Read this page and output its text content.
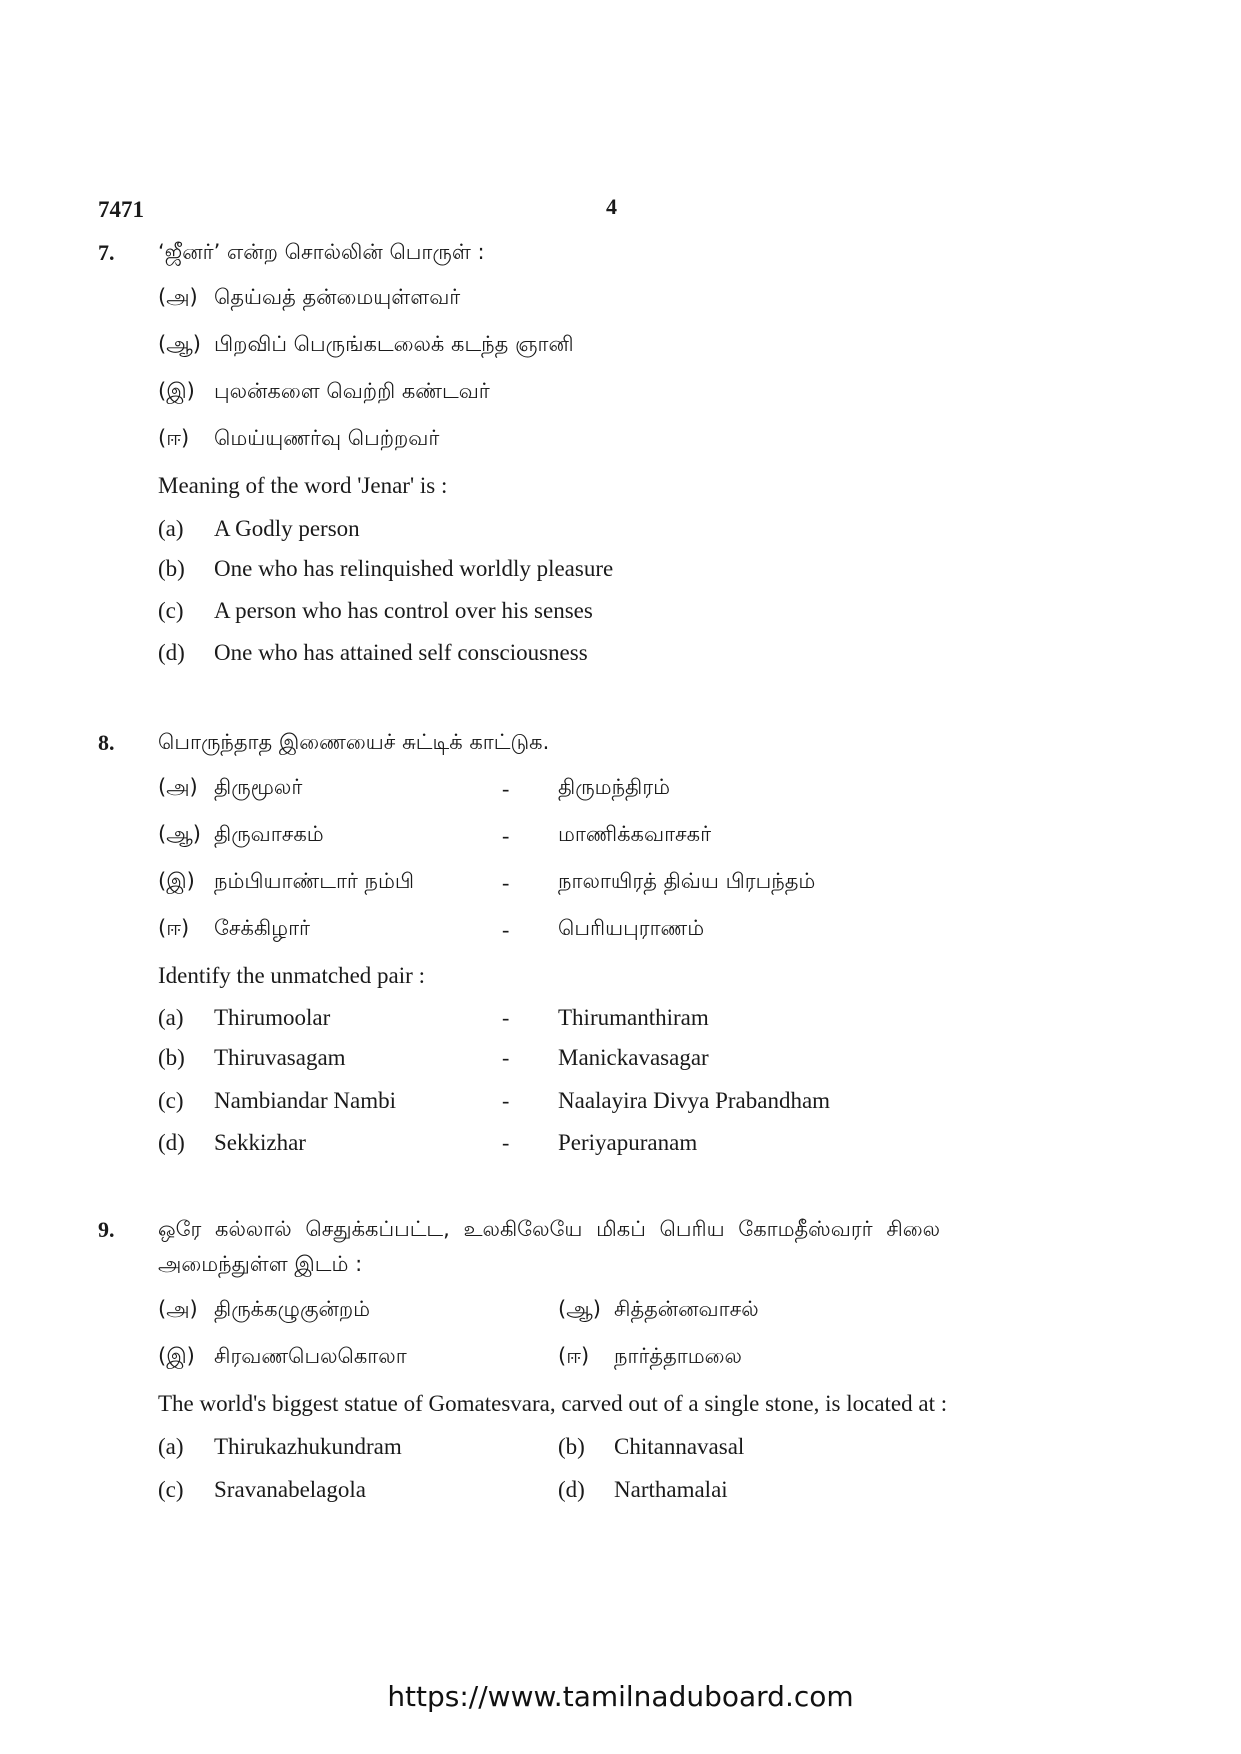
7471	4
7. ‘ஜீனர்’ என்ற சொல்லின் பொருள் :
(அ) தெய்வத் தன்மையுள்ளவர்
(ஆ) பிறவிப் பெருங்கடலைக் கடந்த ஞானி
(இ) புலன்களை வெற்றி கண்டவர்
(ஈ) மெய்யுணர்வு பெற்றவர்
Meaning of the word 'Jenar' is :
(a) A Godly person
(b) One who has relinquished worldly pleasure
(c) A person who has control over his senses
(d) One who has attained self consciousness
8. பொருந்தாத இணையைச் சுட்டிக் காட்டுக.
(அ) திருமூலர்	- திருமந்திரம்
(ஆ) திருவாசகம்	- மாணிக்கவாசகர்
(இ) நம்பியாண்டார் நம்பி	- நாலாயிரத் திவ்ய பிரபந்தம்
(ஈ) சேக்கிழார்	- பெரியபுராணம்
Identify the unmatched pair :
(a) Thirumoolar	- Thirumanthiram
(b) Thiruvasagam	- Manickavasagar
(c) Nambiandar Nambi	- Naalayira Divya Prabandham
(d) Sekkizhar	- Periyapuranam
9. ஒரே கல்லால் செதுக்கப்பட்ட, உலகிலேயே மிகப் பெரிய கோமதீஸ்வரர் சிலை
அமைந்துள்ள இடம் :
(அ) திருக்கழுகுன்றம்	(ஆ) சித்தன்னவாசல்
(இ) சிரவணபெலகொலா	(ஈ) நார்த்தாமலை
The world's biggest statue of Gomatesvara, carved out of a single stone, is located at :
(a) Thirukazhukundram	(b) Chitannavasal
(c) Sravanabelagola	(d) Narthamalai
https://www.tamilnaduboard.com
